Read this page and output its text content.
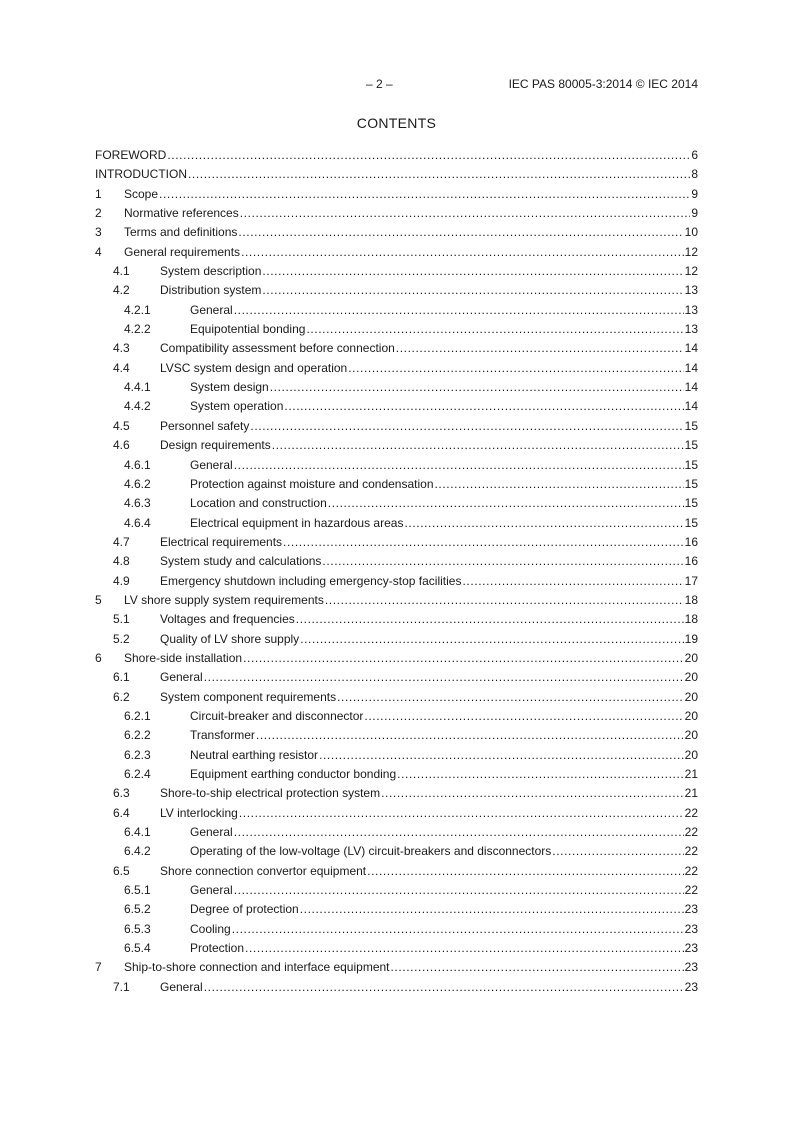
– 2 –	IEC PAS 80005-3:2014 © IEC 2014
CONTENTS
FOREWORD .....	6
INTRODUCTION .....	8
1 Scope .....	9
2 Normative references .....	9
3 Terms and definitions .....	10
4 General requirements .....	12
4.1	System description .....	12
4.2	Distribution system .....	13
4.2.1	General .....	13
4.2.2	Equipotential bonding .....	13
4.3	Compatibility assessment before connection .....	14
4.4	LVSC system design and operation .....	14
4.4.1	System design .....	14
4.4.2	System operation .....	14
4.5	Personnel safety .....	15
4.6	Design requirements .....	15
4.6.1	General .....	15
4.6.2	Protection against moisture and condensation .....	15
4.6.3	Location and construction .....	15
4.6.4	Electrical equipment in hazardous areas .....	15
4.7	Electrical requirements .....	16
4.8	System study and calculations .....	16
4.9	Emergency shutdown including emergency-stop facilities .....	17
5 LV shore supply system requirements .....	18
5.1	Voltages and frequencies .....	18
5.2	Quality of LV shore supply .....	19
6 Shore-side installation .....	20
6.1	General .....	20
6.2	System component requirements .....	20
6.2.1	Circuit-breaker and disconnector .....	20
6.2.2	Transformer .....	20
6.2.3	Neutral earthing resistor .....	20
6.2.4	Equipment earthing conductor bonding .....	21
6.3	Shore-to-ship electrical protection system .....	21
6.4	LV interlocking .....	22
6.4.1	General .....	22
6.4.2	Operating of the low-voltage (LV) circuit-breakers and disconnectors .....	22
6.5	Shore connection convertor equipment .....	22
6.5.1	General .....	22
6.5.2	Degree of protection .....	23
6.5.3	Cooling .....	23
6.5.4	Protection .....	23
7 Ship-to-shore connection and interface equipment .....	23
7.1	General .....	23
